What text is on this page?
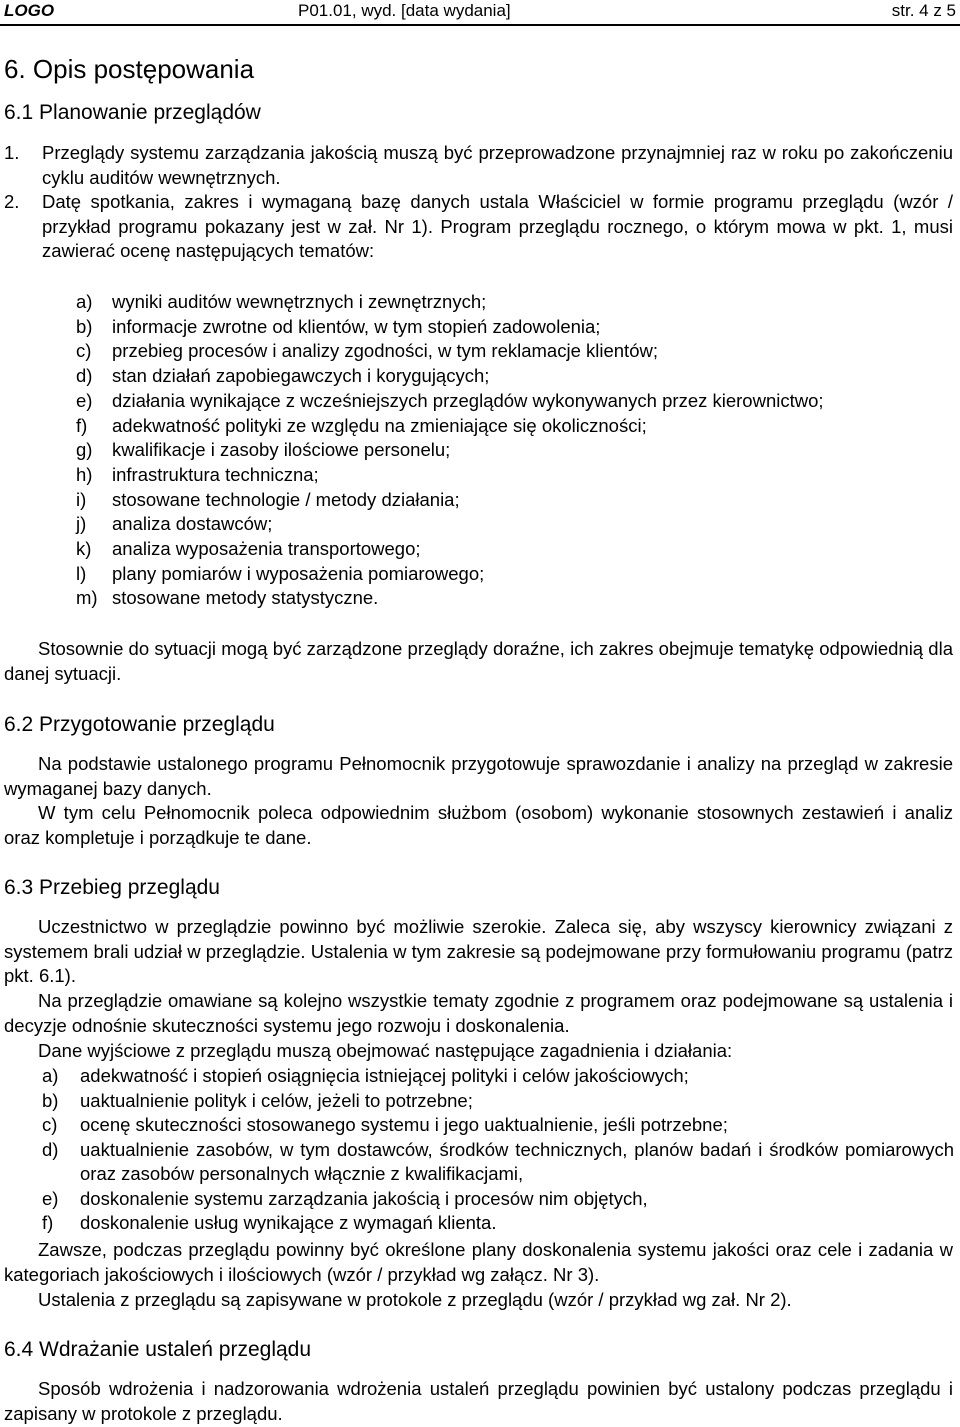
LOGO	P01.01, wyd. [data wydania]	str. 4 z 5
6. Opis postępowania
6.1 Planowanie przeglądów
1. Przeglądy systemu zarządzania jakością muszą być przeprowadzone przynajmniej raz w roku po zakończeniu cyklu auditów wewnętrznych.
2. Datę spotkania, zakres i wymaganą bazę danych ustala Właściciel w formie programu przeglądu (wzór / przykład programu pokazany jest w zał. Nr 1). Program przeglądu rocznego, o którym mowa w pkt. 1, musi zawierać ocenę następujących tematów:
a) wyniki auditów wewnętrznych i zewnętrznych;
b) informacje zwrotne od klientów, w tym stopień zadowolenia;
c) przebieg procesów i analizy zgodności, w tym reklamacje klientów;
d) stan działań zapobiegawczych i korygujących;
e) działania wynikające z wcześniejszych przeglądów wykonywanych przez kierownictwo;
f) adekwatność polityki ze względu na zmieniające się okoliczności;
g) kwalifikacje i zasoby ilościowe personelu;
h) infrastruktura techniczna;
i) stosowane technologie / metody działania;
j) analiza dostawców;
k) analiza wyposażenia transportowego;
l) plany pomiarów i wyposażenia pomiarowego;
m) stosowane metody statystyczne.

Stosownie do sytuacji mogą być zarządzone przeglądy doraźne, ich zakres obejmuje tematykę odpowiednią dla danej sytuacji.

6.2 Przygotowanie przeglądu

Na podstawie ustalonego programu Pełnomocnik przygotowuje sprawozdanie i analizy na przegląd w zakresie wymaganej bazy danych.

W tym celu Pełnomocnik poleca odpowiednim służbom (osobom) wykonanie stosownych zestawień i analiz oraz kompletuje i porządkuje te dane.

6.3 Przebieg przeglądu

Uczestnictwo w przeglądzie powinno być możliwie szerokie. Zaleca się, aby wszyscy kierownicy związani z systemem brali udział w przeglądzie. Ustalenia w tym zakresie są podejmowane przy formułowaniu programu (patrz pkt. 6.1).

Na przeglądzie omawiane są kolejno wszystkie tematy zgodnie z programem oraz podejmowane są ustalenia i decyzje odnośnie skuteczności systemu jego rozwoju i doskonalenia.

Dane wyjściowe z przeglądu muszą obejmować następujące zagadnienia i działania:

a) adekwatność i stopień osiągnięcia istniejącej polityki i celów jakościowych;
b) uaktualnienie polityk i celów, jeżeli to potrzebne;
c) ocenę skuteczności stosowanego systemu i jego uaktualnienie, jeśli potrzebne;
d) uaktualnienie zasobów, w tym dostawców, środków technicznych, planów badań i środków pomiarowych oraz zasobów personalnych włącznie z kwalifikacjami,
e) doskonalenie systemu zarządzania jakością i procesów nim objętych,
f) doskonalenie usług wynikające z wymagań klienta.

Zawsze, podczas przeglądu powinny być określone plany doskonalenia systemu jakości oraz cele i zadania w kategoriach jakościowych i ilościowych (wzór / przykład wg załącz. Nr 3).

Ustalenia z przeglądu są zapisywane w protokole z przeglądu (wzór / przykład wg zał. Nr 2).

6.4 Wdrażanie ustaleń przeglądu

Sposób wdrożenia i nadzorowania wdrożenia ustaleń przeglądu powinien być ustalony podczas przeglądu i zapisany w protokole z przeglądu.
